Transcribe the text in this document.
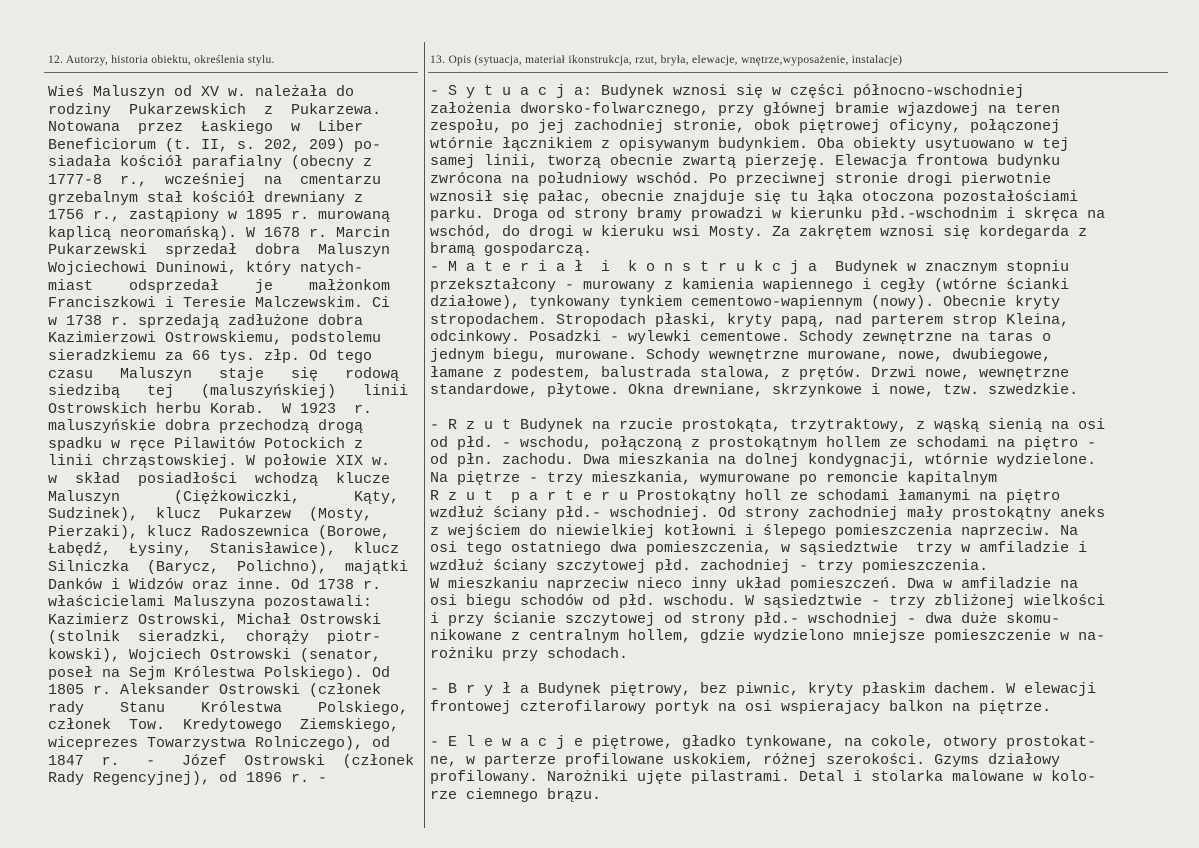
12. Autorzy, historia obiektu, określenia stylu.	13. Opis (sytuacja, materiał ikonstrukcja, rzut, bryła, elewacje, wnętrze,wyposażenie, instalacje)
Wieś Maluszyn od XV w. należała do
rodziny  Pukarzewskich  z  Pukarzewa.
Notowana  przez  Łaskiego  w  Liber
Beneficiorum (t. II, s. 202, 209) po-
siadała kościół parafialny (obecny z
1777-8  r.,  wcześniej  na  cmentarzu
grzebalnym stał kościół drewniany z
1756 r., zastąpiony w 1895 r. murowaną
kaplicą neoromańską). W 1678 r. Marcin
Pukarzewski  sprzedał  dobra  Maluszyn
Wojciechowi Duninowi, który natych-
miast    odsprzedał    je    małżonkom
Franciszkowi i Teresie Malczewskim. Ci
w 1738 r. sprzedają zadłużone dobra
Kazimierzowi Ostrowskiemu, podstolemu
sieradzkiemu za 66 tys. złp. Od tego
czasu   Maluszyn   staje   się   rodową
siedzibą   tej   (maluszyńskiej)   linii
Ostrowskich herbu Korab.  W 1923  r.
maluszyńskie dobra przechodzą drogą
spadku w ręce Pilawitów Potockich z
linii chrząstowskiej. W połowie XIX w.
w  skład  posiadłości  wchodzą  klucze
Maluszyn      (Ciężkowiczki,      Kąty,
Sudzinek),  klucz  Pukarzew  (Mosty,
Pierzaki), klucz Radoszewnica (Borowe,
Łabędź,  Łysiny,  Stanisławice),  klucz
Silniczka  (Barycz,  Polichno),  majątki
Danków i Widzów oraz inne. Od 1738 r.
właścicielami Maluszyna pozostawali:
Kazimierz Ostrowski, Michał Ostrowski
(stolnik  sieradzki,  chorąży  piotr-
kowski), Wojciech Ostrowski (senator,
poseł na Sejm Królestwa Polskiego). Od
1805 r. Aleksander Ostrowski (członek
rady    Stanu    Królestwa    Polskiego,
członek  Tow.  Kredytowego  Ziemskiego,
wiceprezes Towarzystwa Rolniczego), od
1847  r.   -   Józef  Ostrowski  (członek
Rady Regencyjnej), od 1896 r. -
- S y t u a c j a: Budynek wznosi się w części północno-wschodniej
założenia dworsko-folwarcznego, przy głównej bramie wjazdowej na teren
zespołu, po jej zachodniej stronie, obok piętrowej oficyny, połączonej
wtórnie łącznikiem z opisywanym budynkiem. Oba obiekty usytuowano w tej
samej linii, tworzą obecnie zwartą pierzeję. Elewacja frontowa budynku
zwrócona na południowy wschód. Po przeciwnej stronie drogi pierwotnie
wznosił się pałac, obecnie znajduje się tu łąka otoczona pozostałościami
parku. Droga od strony bramy prowadzi w kierunku płd.-wschodnim i skręca na
wschód, do drogi w kieruku wsi Mosty. Za zakrętem wznosi się kordegarda z
bramą gospodarczą.
- M a t e r i a ł  i  k o n s t r u k c j a  Budynek w znacznym stopniu
przekształcony - murowany z kamienia wapiennego i cegły (wtórne ścianki
działowe), tynkowany tynkiem cementowo-wapiennym (nowy). Obecnie kryty
stropodachem. Stropodach płaski, kryty papą, nad parterem strop Kleina,
odcinkowy. Posadzki - wylewki cementowe. Schody zewnętrzne na taras o
jednym biegu, murowane. Schody wewnętrzne murowane, nowe, dwubiegowe,
łamane z podestem, balustrada stalowa, z prętów. Drzwi nowe, wewnętrzne
standardowe, płytowe. Okna drewniane, skrzynkowe i nowe, tzw. szwedzkie.
- R z u t Budynek na rzucie prostokąta, trzytraktowy, z wąską sienią na osi
od płd. - wschodu, połączoną z prostokątnym hollem ze schodami na piętro -
od płn. zachodu. Dwa mieszkania na dolnej kondygnacji, wtórnie wydzielone.
Na piętrze - trzy mieszkania, wymurowane po remoncie kapitalnym
R z u t  p a r t e r u Prostokątny holl ze schodami łamanymi na piętro
wzdłuż ściany płd.- wschodniej. Od strony zachodniej mały prostokątny aneks
z wejściem do niewielkiej kotłowni i ślepego pomieszczenia naprzeciw. Na
osi tego ostatniego dwa pomieszczenia, w sąsiedztwie  trzy w amfiladzie i
wzdłuż ściany szczytowej płd. zachodniej - trzy pomieszczenia.
W mieszkaniu naprzeciw nieco inny układ pomieszczeń. Dwa w amfiladzie na
osi biegu schodów od płd. wschodu. W sąsiedztwie - trzy zbliżonej wielkości
i przy ścianie szczytowej od strony płd.- wschodniej - dwa duże skomu-
nikowane z centralnym hollem, gdzie wydzielono mniejsze pomieszczenie w na-
rożniku przy schodach.
- B r y ł a Budynek piętrowy, bez piwnic, kryty płaskim dachem. W elewacji
frontowej czterofilarowy portyk na osi wspierajacy balkon na piętrze.
- E l e w a c j e piętrowe, gładko tynkowane, na cokole, otwory prostokat-
ne, w parterze profilowane uskokiem, różnej szerokości. Gzyms działowy
profilowany. Narożniki ujęte pilastrami. Detal i stolarka malowane w kolo-
rze ciemnego brązu.
